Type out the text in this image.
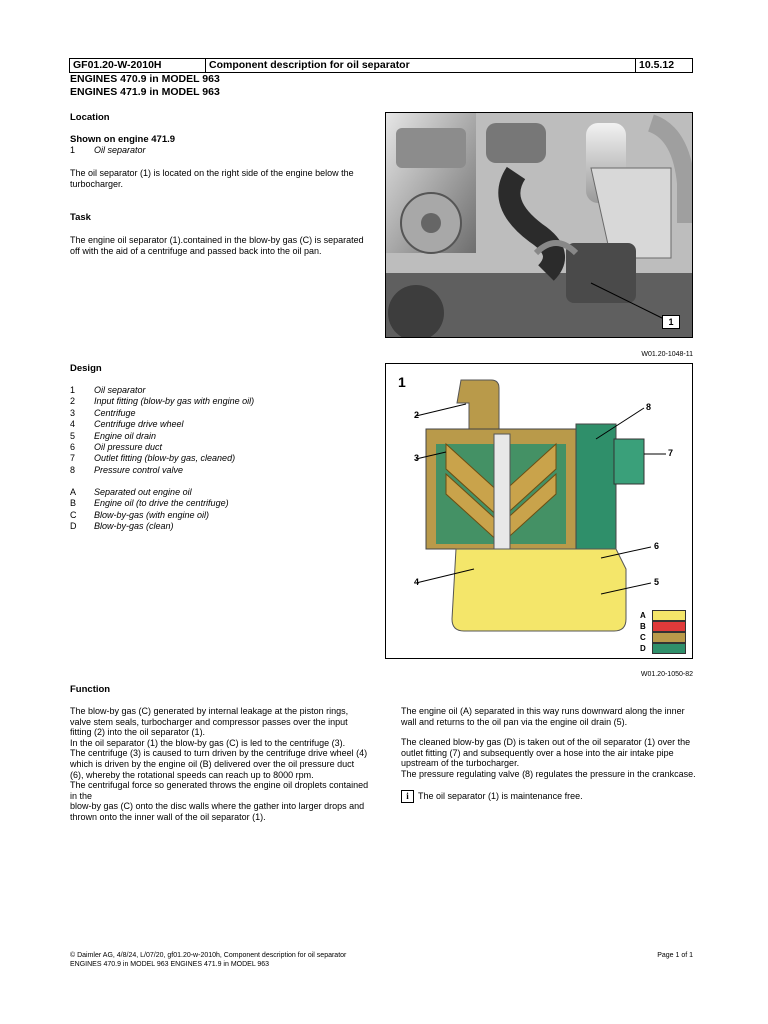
GF01.20-W-2010H	Component description for oil separator	10.5.12
ENGINES 470.9 in MODEL 963
ENGINES 471.9 in MODEL 963
Location
Shown on engine 471.9
1	Oil separator
The oil separator (1) is located on the right side of the engine below the turbocharger.
Task
The engine oil separator (1).contained in the blow-by gas (C) is separated off with the aid of a centrifuge and passed back into the oil pan.
1
W01.20-1048-11
Design
1	Oil separator
2	Input fitting (blow-by gas with engine oil)
3	Centrifuge
4	Centrifuge drive wheel
5	Engine oil drain
6	Oil pressure duct
7	Outlet fitting (blow-by gas, cleaned)
8	Pressure control valve
A	Separated out engine oil
B	Engine oil (to drive the centrifuge)
C	Blow-by-gas (with engine oil)
D	Blow-by-gas (clean)
1
2
3
4	5
6
7
8
A
B
C
D
W01.20-1050-82
Function
The blow-by gas (C) generated by internal leakage at the piston rings, valve stem seals, turbocharger and compressor passes over the input fitting (2) into the oil separator (1).
In the oil separator (1) the blow-by gas (C) is led to the centrifuge (3).
The centrifuge (3) is caused to turn driven by the centrifuge drive wheel (4) which is driven by the engine oil (B) delivered over the oil pressure duct (6), whereby the rotational speeds can reach up to 8000 rpm.
The centrifugal force so generated throws the engine oil droplets contained in the
blow-by gas (C) onto the disc walls where the gather into larger drops and thrown onto the inner wall of the oil separator (1).
The engine oil (A) separated in this way runs downward along the inner wall and returns to the oil pan via the engine oil drain (5).
The cleaned blow-by gas (D) is taken out of the oil separator (1) over the outlet fitting (7) and subsequently over a hose into the air intake pipe upstream of the turbocharger.
The pressure regulating valve (8) regulates the pressure in the crankcase.
i	The oil separator (1) is maintenance free.
© Daimler AG, 4/8/24, L/07/20, gf01.20-w-2010h, Component description for oil separator
ENGINES 470.9 in MODEL 963 ENGINES 471.9 in MODEL 963
Page 1 of 1
